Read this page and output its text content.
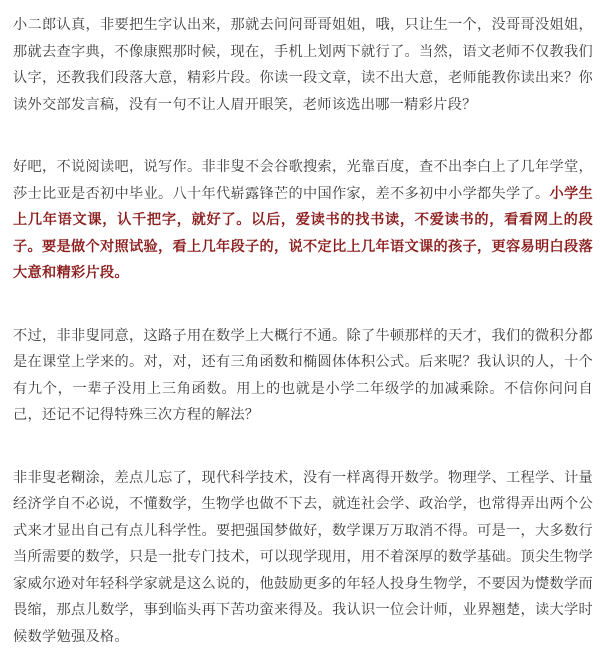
小二郎认真，非要把生字认出来，那就去问问哥哥姐姐，哦，只让生一个，没哥哥没姐姐，那就去查字典，不像康熙那时候，现在，手机上划两下就行了。当然，语文老师不仅教我们认字，还教我们段落大意，精彩片段。你读一段文章，读不出大意，老师能教你读出来？你读外交部发言稿，没有一句不让人眉开眼笑，老师该选出哪一精彩片段？

好吧，不说阅读吧，说写作。非非叟不会谷歌搜索，光靠百度，查不出李白上了几年学堂，莎士比亚是否初中毕业。八十年代崭露锋芒的中国作家，差不多初中小学都失学了。小学生上几年语文课，认千把字，就好了。以后，爱读书的找书读，不爱读书的，看看网上的段子。要是做个对照试验，看上几年段子的，说不定比上几年语文课的孩子，更容易明白段落大意和精彩片段。

不过，非非叟同意，这路子用在数学上大概行不通。除了牛顿那样的天才，我们的微积分都是在课堂上学来的。对，对，还有三角函数和椭圆体体积公式。后来呢？我认识的人，十个有九个，一辈子没用上三角函数。用上的也就是小学二年级学的加减乘除。不信你问问自己，还记不记得特殊三次方程的解法？

非非叟老糊涂，差点儿忘了，现代科学技术，没有一样离得开数学。物理学、工程学、计量经济学自不必说，不懂数学，生物学也做不下去，就连社会学、政治学，也常得弄出两个公式来才显出自己有点儿科学性。要把强国梦做好，数学课万万取消不得。可是一，大多数行当所需要的数学，只是一批专门技术，可以现学现用，用不着深厚的数学基础。顶尖生物学家威尔逊对年轻科学家就是这么说的，他鼓励更多的年轻人投身生物学，不要因为憷数学而畏缩，那点儿数学，事到临头再下苦功蛮来得及。我认识一位会计师，业界翘楚，读大学时候数学勉强及格。
